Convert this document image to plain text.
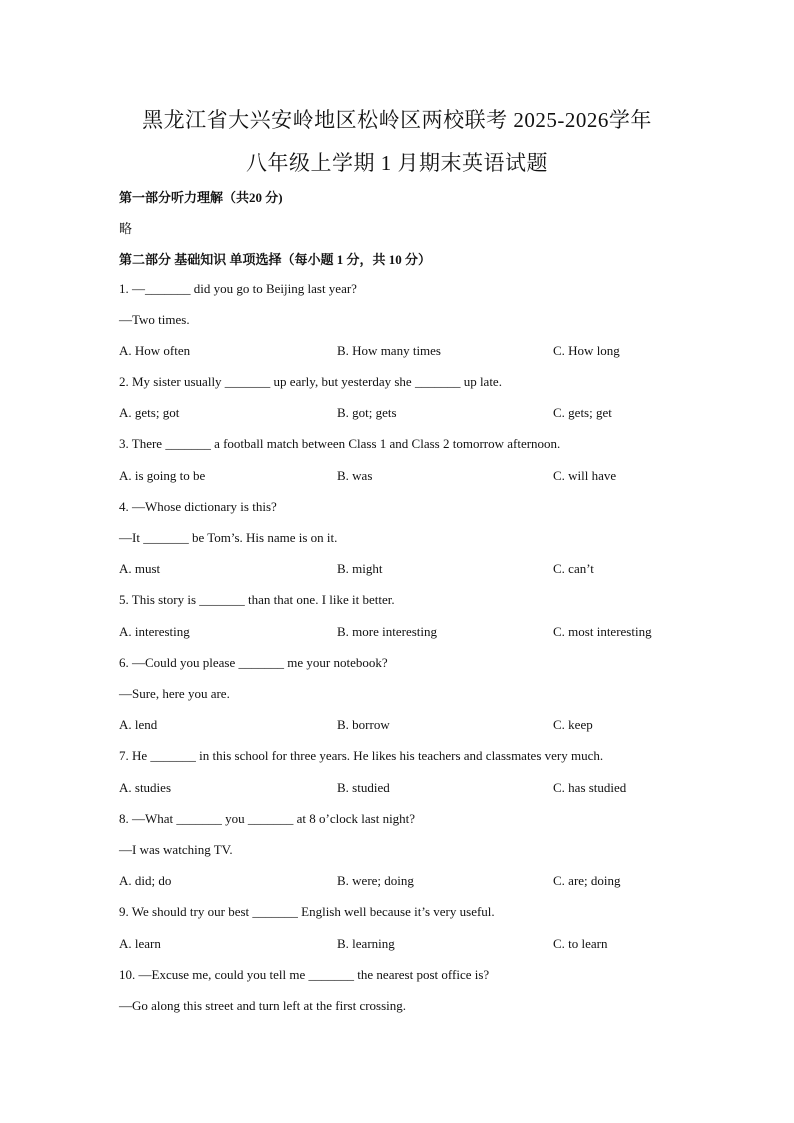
黑龙江省大兴安岭地区松岭区两校联考 2025-2026学年
八年级上学期 1 月期末英语试题
第一部分听力理解（共20 分)
略
第二部分 基础知识 单项选择（每小题 1 分，共 10 分）
1. —_______ did you go to Beijing last year?
—Two times.
A. How often	B. How many times	C. How long
2. My sister usually _______ up early, but yesterday she _______ up late.
A. gets; got	B. got; gets	C. gets; get
3. There _______ a football match between Class 1 and Class 2 tomorrow afternoon.
A. is going to be	B. was	C. will have
4. —Whose dictionary is this?
—It _______ be Tom’s. His name is on it.
A. must	B. might	C. can’t
5. This story is _______ than that one. I like it better.
A. interesting	B. more interesting	C. most interesting
6. —Could you please _______ me your notebook?
—Sure, here you are.
A. lend	B. borrow	C. keep
7. He _______ in this school for three years. He likes his teachers and classmates very much.
A. studies	B. studied	C. has studied
8. —What _______ you _______ at 8 o’clock last night?
—I was watching TV.
A. did; do	B. were; doing	C. are; doing
9. We should try our best _______ English well because it’s very useful.
A. learn	B. learning	C. to learn
10. —Excuse me, could you tell me _______ the nearest post office is?
—Go along this street and turn left at the first crossing.
